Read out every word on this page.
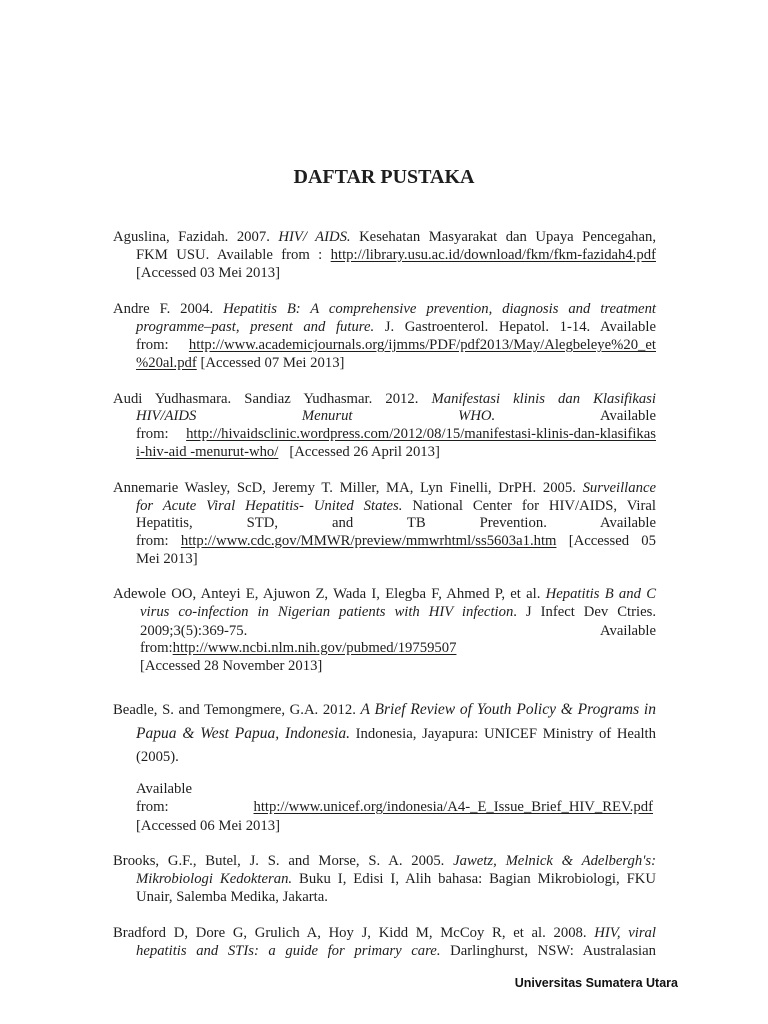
DAFTAR PUSTAKA
Aguslina, Fazidah. 2007. HIV/ AIDS. Kesehatan Masyarakat dan Upaya Pencegahan,
FKM USU. Available from : http://library.usu.ac.id/download/fkm/fkm-fazidah4.pdf
[Accessed 03 Mei 2013]
Andre F. 2004. Hepatitis B: A comprehensive prevention, diagnosis and treatment
programme–past, present and future. J. Gastroenterol. Hepatol. 1-14. Available
from: http://www.academicjournals.org/ijmms/PDF/pdf2013/May/Alegbeleye%20_et
%20al.pdf [Accessed 07 Mei 2013]
Audi Yudhasmara. Sandiaz Yudhasmar. 2012. Manifestasi klinis dan Klasifikasi
HIV/AIDS Menurut WHO. Available
from: http://hivaidsclinic.wordpress.com/2012/08/15/manifestasi-klinis-dan-klasifikas
i-hiv-aid -menurut-who/   [Accessed 26 April 2013]
Annemarie Wasley, ScD, Jeremy T. Miller, MA, Lyn Finelli, DrPH. 2005. Surveillance
for Acute Viral Hepatitis- United States. National Center for HIV/AIDS, Viral
Hepatitis, STD, and TB Prevention. Available
from: http://www.cdc.gov/MMWR/preview/mmwrhtml/ss5603a1.htm [Accessed 05
Mei 2013]
Adewole OO, Anteyi E, Ajuwon Z, Wada I, Elegba F, Ahmed P, et al. Hepatitis B and C
virus co-infection in Nigerian patients with HIV infection. J Infect Dev Ctries.
2009;3(5):369-75. Available
from:http://www.ncbi.nlm.nih.gov/pubmed/19759507
[Accessed 28 November 2013]
Beadle, S. and Temongmere, G.A. 2012. A Brief Review of Youth Policy & Programs in
Papua & West Papua, Indonesia. Indonesia, Jayapura: UNICEF Ministry of Health
(2005).
Available
from: http://www.unicef.org/indonesia/A4-_E_Issue_Brief_HIV_REV.pdf
[Accessed 06 Mei 2013]
Brooks, G.F., Butel, J. S. and Morse, S. A. 2005. Jawetz, Melnick & Adelbergh's:
Mikrobiologi Kedokteran. Buku I, Edisi I, Alih bahasa: Bagian Mikrobiologi, FKU
Unair, Salemba Medika, Jakarta.
Bradford D, Dore G, Grulich A, Hoy J, Kidd M, McCoy R, et al. 2008. HIV, viral
hepatitis and STIs: a guide for primary care. Darlinghurst, NSW: Australasian
Universitas Sumatera Utara
